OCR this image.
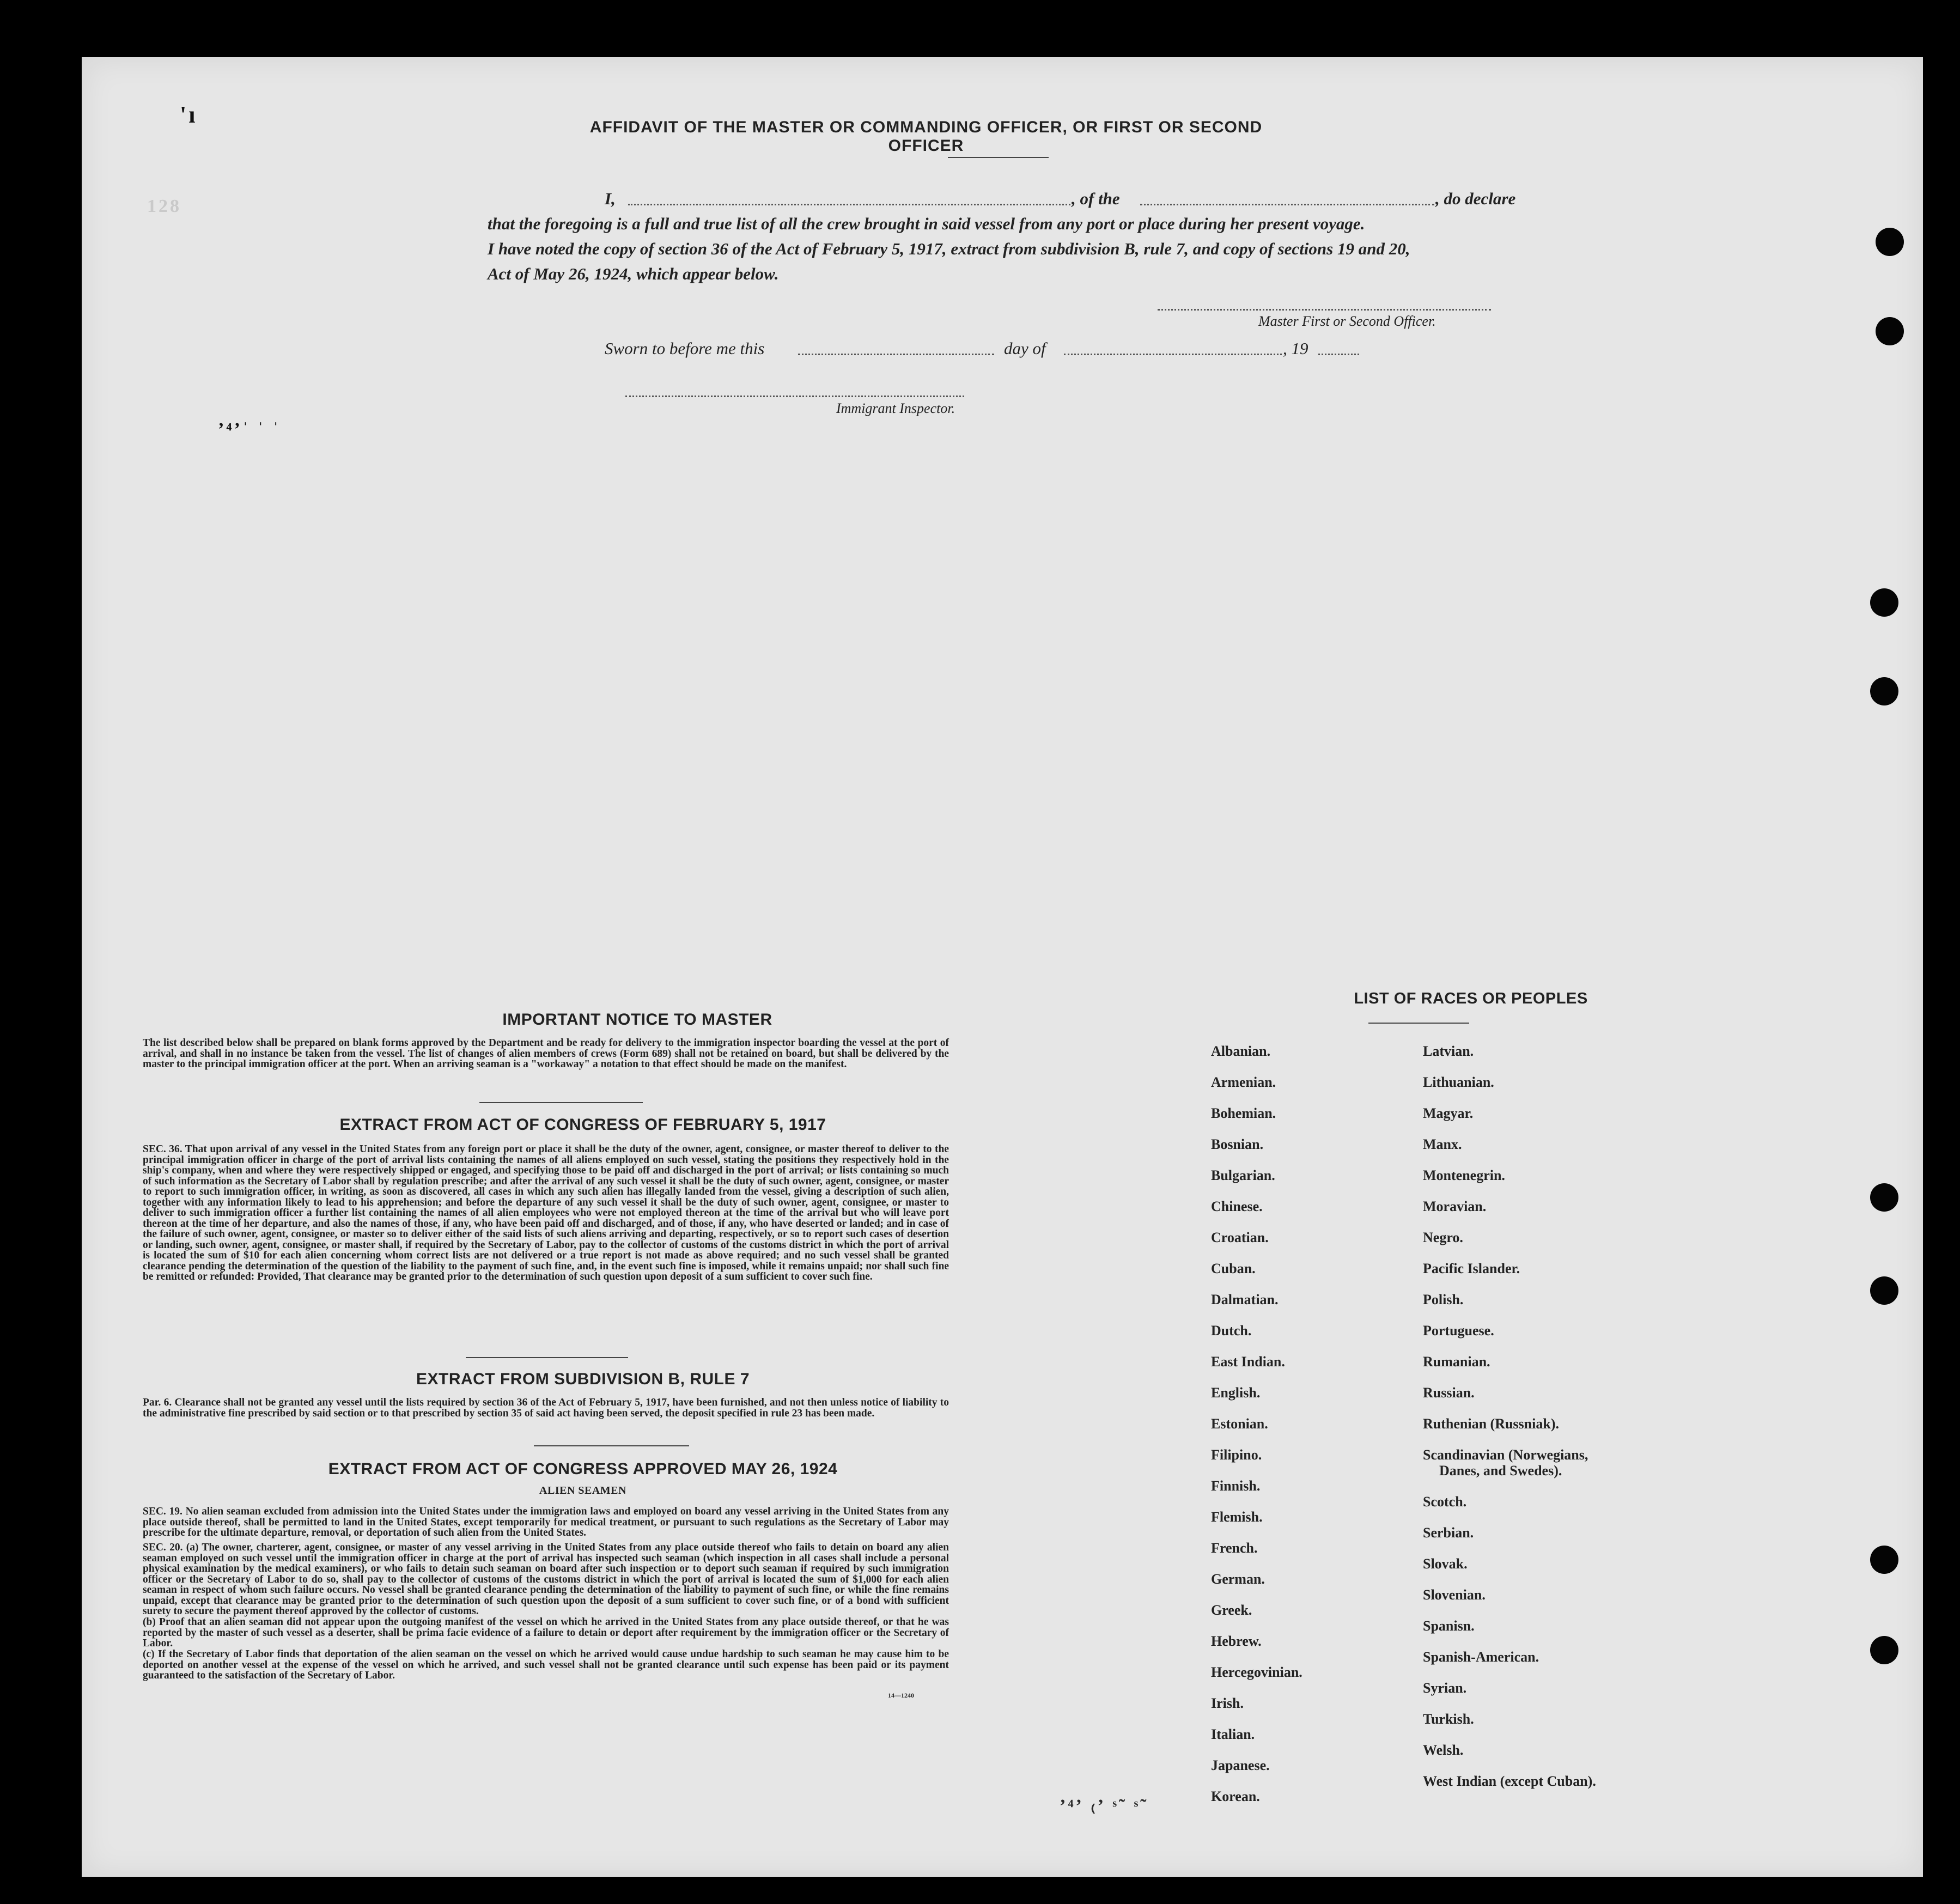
AFFIDAVIT OF THE MASTER OR COMMANDING OFFICER, OR FIRST OR SECOND OFFICER
I,	, of the	, do declare
that the foregoing is a full and true list of all the crew brought in said vessel from any port or place during her present voyage.
I have noted the copy of section 36 of the Act of February 5, 1917, extract from subdivision B, rule 7, and copy of sections 19 and 20,
Act of May 26, 1924, which appear below.
Master First or Second Officer.
Sworn to before me this	day of	, 19
Immigrant Inspector.
'ı
128
ʼ⁴ʼˈ ˈ ˈ
ʼ⁴ʼ ₍ʼ ˢ˜ ˢ˜
IMPORTANT NOTICE TO MASTER
The list described below shall be prepared on blank forms approved by the Department and be ready for delivery to the immigration inspector boarding the vessel at the port of arrival, and shall in no instance be taken from the vessel. The list of changes of alien members of crews (Form 689) shall not be retained on board, but shall be delivered by the master to the principal immigration officer at the port. When an arriving seaman is a "workaway" a notation to that effect should be made on the manifest.
EXTRACT FROM ACT OF CONGRESS OF FEBRUARY 5, 1917
SEC. 36. That upon arrival of any vessel in the United States from any foreign port or place it shall be the duty of the owner, agent, consignee, or master thereof to deliver to the principal immigration officer in charge of the port of arrival lists containing the names of all aliens employed on such vessel, stating the positions they respectively hold in the ship's company, when and where they were respectively shipped or engaged, and specifying those to be paid off and discharged in the port of arrival; or lists containing so much of such information as the Secretary of Labor shall by regulation prescribe; and after the arrival of any such vessel it shall be the duty of such owner, agent, consignee, or master to report to such immigration officer, in writing, as soon as discovered, all cases in which any such alien has illegally landed from the vessel, giving a description of such alien, together with any information likely to lead to his apprehension; and before the departure of any such vessel it shall be the duty of such owner, agent, consignee, or master to deliver to such immigration officer a further list containing the names of all alien employees who were not employed thereon at the time of the arrival but who will leave port thereon at the time of her departure, and also the names of those, if any, who have been paid off and discharged, and of those, if any, who have deserted or landed; and in case of the failure of such owner, agent, consignee, or master so to deliver either of the said lists of such aliens arriving and departing, respectively, or so to report such cases of desertion or landing, such owner, agent, consignee, or master shall, if required by the Secretary of Labor, pay to the collector of customs of the customs district in which the port of arrival is located the sum of $10 for each alien concerning whom correct lists are not delivered or a true report is not made as above required; and no such vessel shall be granted clearance pending the determination of the question of the liability to the payment of such fine, and, in the event such fine is imposed, while it remains unpaid; nor shall such fine be remitted or refunded: Provided, That clearance may be granted prior to the determination of such question upon deposit of a sum sufficient to cover such fine.
EXTRACT FROM SUBDIVISION B, RULE 7
Par. 6. Clearance shall not be granted any vessel until the lists required by section 36 of the Act of February 5, 1917, have been furnished, and not then unless notice of liability to the administrative fine prescribed by said section or to that prescribed by section 35 of said act having been served, the deposit specified in rule 23 has been made.
EXTRACT FROM ACT OF CONGRESS APPROVED MAY 26, 1924
ALIEN SEAMEN
SEC. 19. No alien seaman excluded from admission into the United States under the immigration laws and employed on board any vessel arriving in the United States from any place outside thereof, shall be permitted to land in the United States, except temporarily for medical treatment, or pursuant to such regulations as the Secretary of Labor may prescribe for the ultimate departure, removal, or deportation of such alien from the United States.
SEC. 20. (a) The owner, charterer, agent, consignee, or master of any vessel arriving in the United States from any place outside thereof who fails to detain on board any alien seaman employed on such vessel until the immigration officer in charge at the port of arrival has inspected such seaman (which inspection in all cases shall include a personal physical examination by the medical examiners), or who fails to detain such seaman on board after such inspection or to deport such seaman if required by such immigration officer or the Secretary of Labor to do so, shall pay to the collector of customs of the customs district in which the port of arrival is located the sum of $1,000 for each alien seaman in respect of whom such failure occurs. No vessel shall be granted clearance pending the determination of the liability to payment of such fine, or while the fine remains unpaid, except that clearance may be granted prior to the determination of such question upon the deposit of a sum sufficient to cover such fine, or of a bond with sufficient surety to secure the payment thereof approved by the collector of customs.
(b) Proof that an alien seaman did not appear upon the outgoing manifest of the vessel on which he arrived in the United States from any place outside thereof, or that he was reported by the master of such vessel as a deserter, shall be prima facie evidence of a failure to detain or deport after requirement by the immigration officer or the Secretary of Labor.
(c) If the Secretary of Labor finds that deportation of the alien seaman on the vessel on which he arrived would cause undue hardship to such seaman he may cause him to be deported on another vessel at the expense of the vessel on which he arrived, and such vessel shall not be granted clearance until such expense has been paid or its payment guaranteed to the satisfaction of the Secretary of Labor.
14—1240
LIST OF RACES OR PEOPLES
Albanian.
Armenian.
Bohemian.
Bosnian.
Bulgarian.
Chinese.
Croatian.
Cuban.
Dalmatian.
Dutch.
East Indian.
English.
Estonian.
Filipino.
Finnish.
Flemish.
French.
German.
Greek.
Hebrew.
Hercegovinian.
Irish.
Italian.
Japanese.
Korean.
Latvian.
Lithuanian.
Magyar.
Manx.
Montenegrin.
Moravian.
Negro.
Pacific Islander.
Polish.
Portuguese.
Rumanian.
Russian.
Ruthenian (Russniak).
Scandinavian (Norwegians,
Danes, and Swedes).
Scotch.
Serbian.
Slovak.
Slovenian.
Spanisn.
Spanish-American.
Syrian.
Turkish.
Welsh.
West Indian (except Cuban).
